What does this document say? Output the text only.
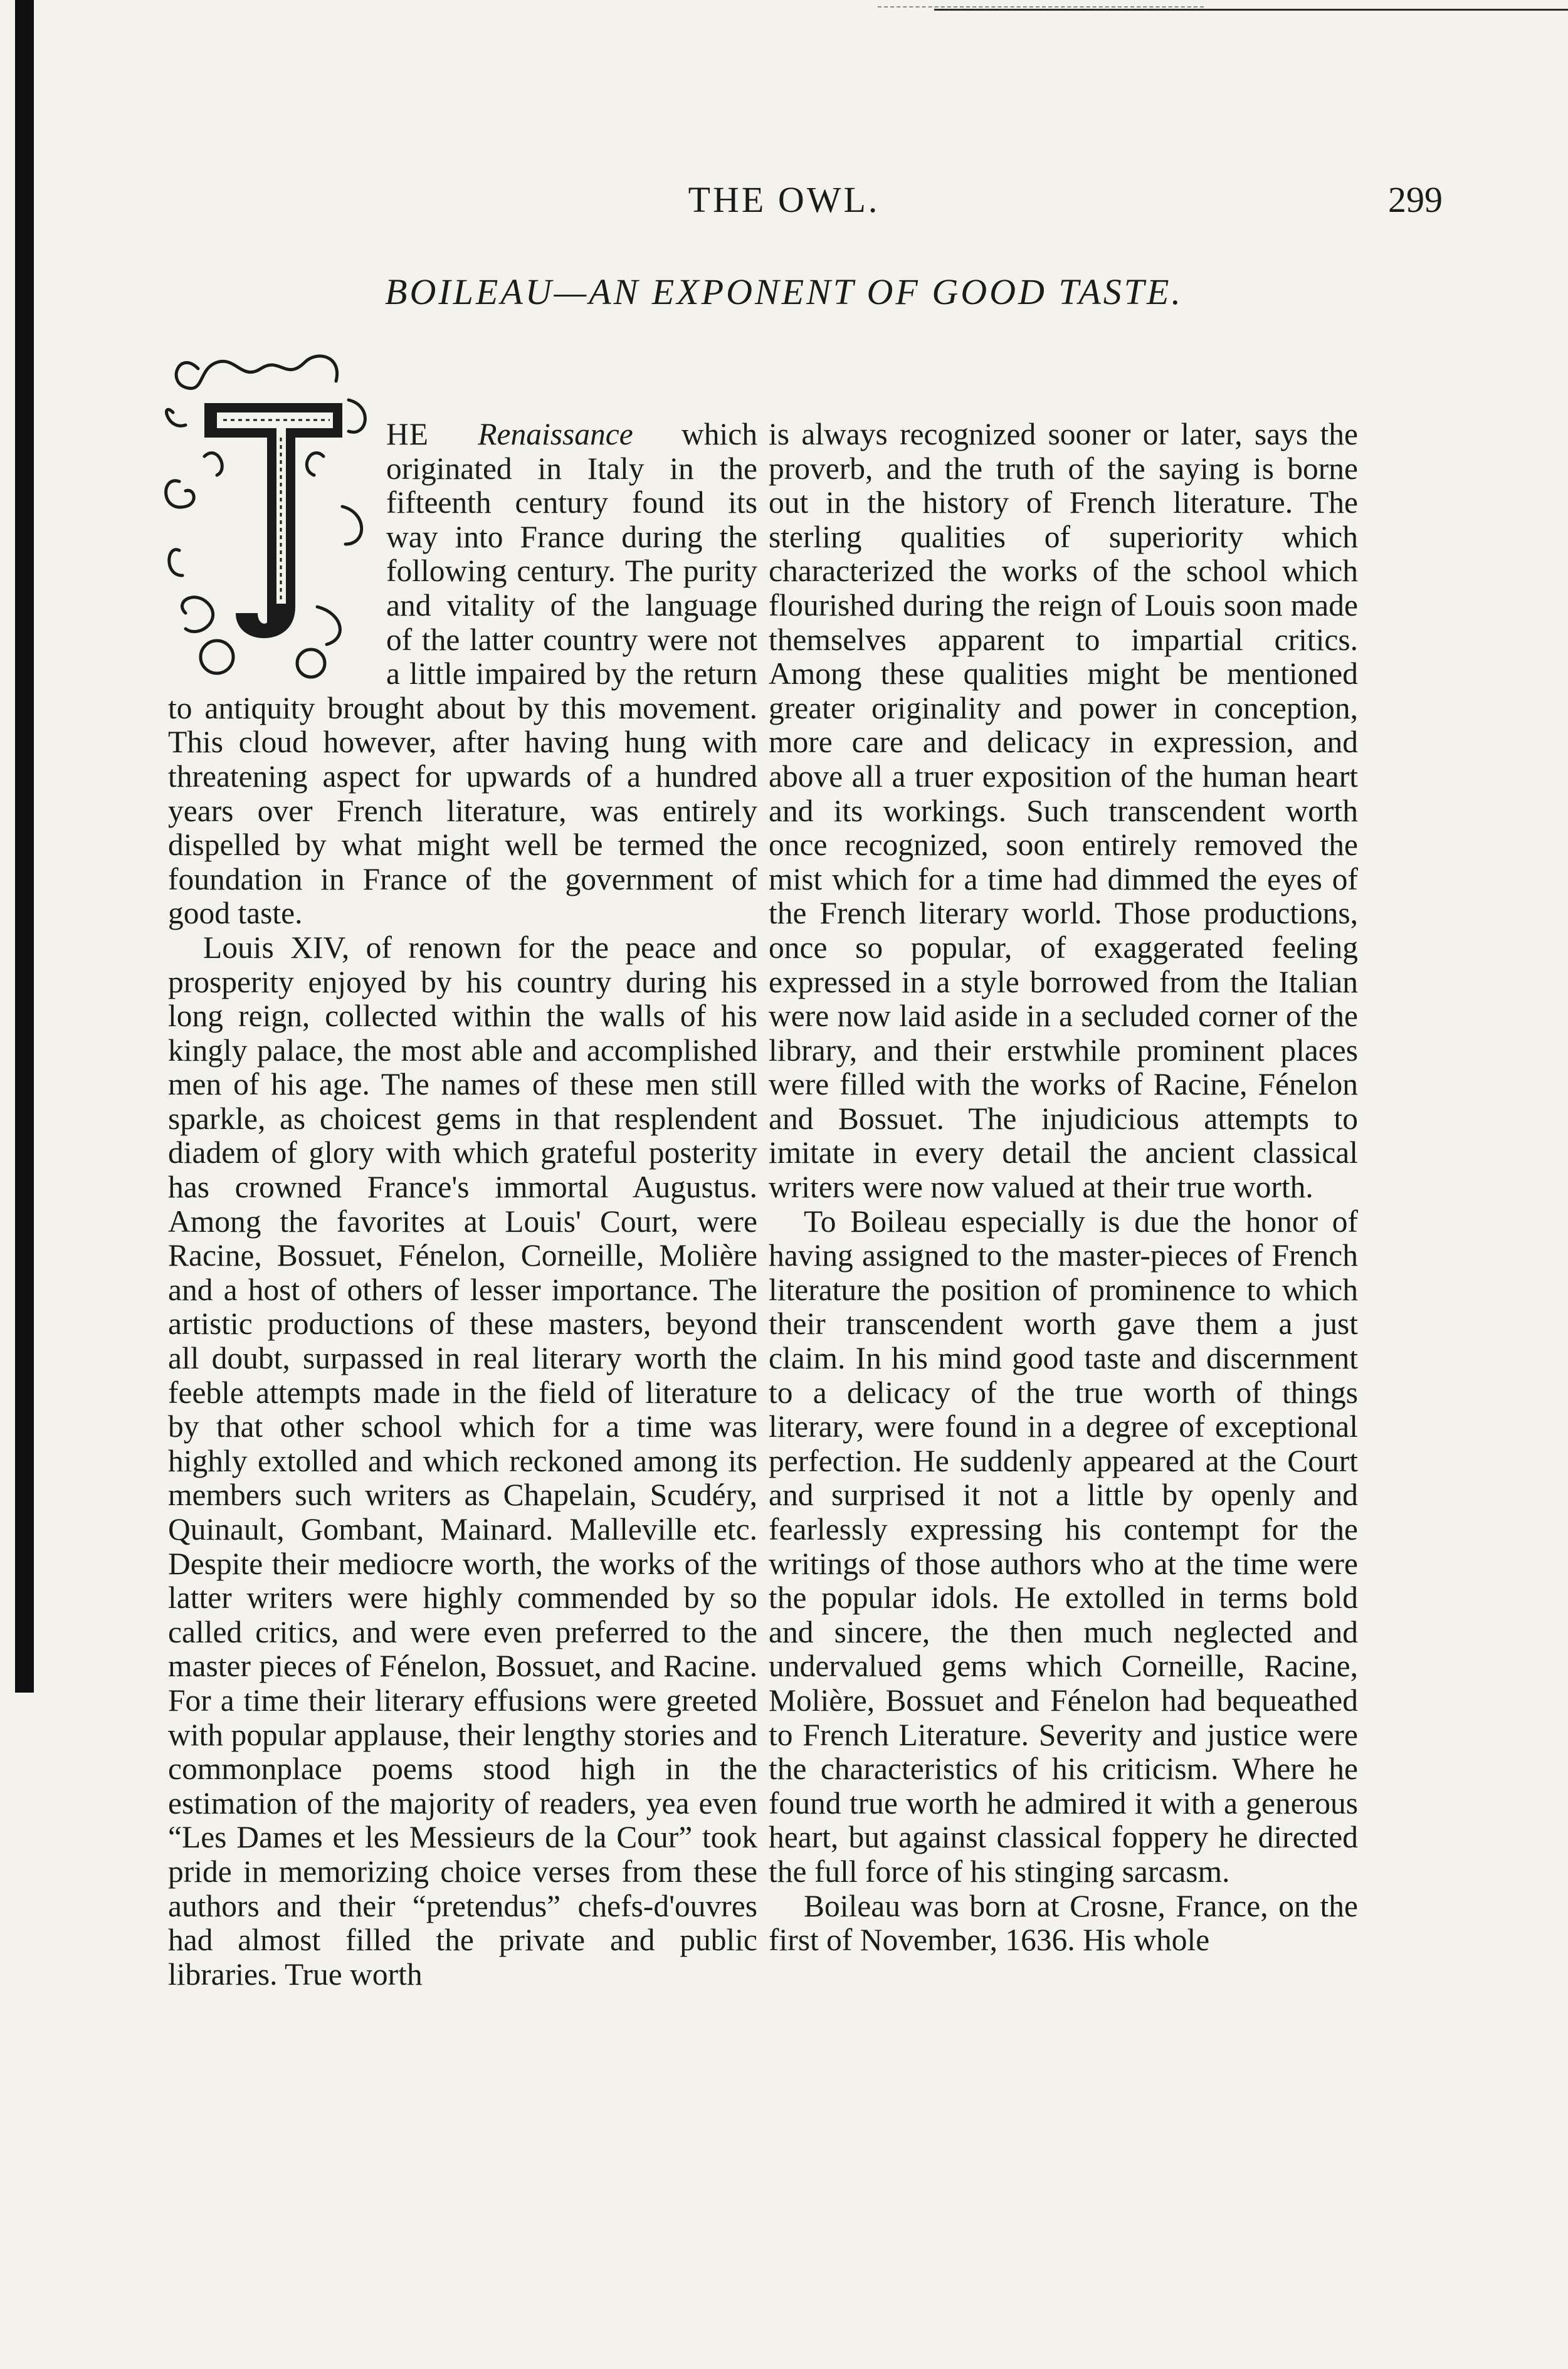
THE OWL.	299
BOILEAU—AN EXPONENT OF GOOD TASTE.

HE Renaissance which originated in Italy in the fifteenth century found its way into France during the following century. The purity and vitality of the language of the latter country were not a little impaired by the return to antiquity brought about by this movement. This cloud however, after having hung with threatening aspect for upwards of a hundred years over French literature, was entirely dispelled by what might well be termed the foundation in France of the government of good taste.

Louis XIV, of renown for the peace and prosperity enjoyed by his country during his long reign, collected within the walls of his kingly palace, the most able and accomplished men of his age. The names of these men still sparkle, as choicest gems in that resplendent diadem of glory with which grateful posterity has crowned France's immortal Augustus. Among the favorites at Louis' Court, were Racine, Bossuet, Fénelon, Corneille, Molière and a host of others of lesser importance. The artistic productions of these masters, beyond all doubt, surpassed in real literary worth the feeble attempts made in the field of literature by that other school which for a time was highly extolled and which reckoned among its members such writers as Chapelain, Scudéry, Quinault, Gombant, Mainard. Malleville etc. Despite their mediocre worth, the works of the latter writers were highly commended by so called critics, and were even preferred to the master pieces of Fénelon, Bossuet, and Racine. For a time their literary effusions were greeted with popular applause, their lengthy stories and commonplace poems stood high in the estimation of the majority of readers, yea even “Les Dames et les Messieurs de la Cour” took pride in memorizing choice verses from these authors and their “pretendus” chefs-d'ouvres had almost filled the private and public libraries. True worth

is always recognized sooner or later, says the proverb, and the truth of the saying is borne out in the history of French literature. The sterling qualities of superiority which characterized the works of the school which flourished during the reign of Louis soon made themselves apparent to impartial critics. Among these qualities might be mentioned greater originality and power in conception, more care and delicacy in expression, and above all a truer exposition of the human heart and its workings. Such transcendent worth once recognized, soon entirely removed the mist which for a time had dimmed the eyes of the French literary world. Those productions, once so popular, of exaggerated feeling expressed in a style borrowed from the Italian were now laid aside in a secluded corner of the library, and their erstwhile prominent places were filled with the works of Racine, Fénelon and Bossuet. The injudicious attempts to imitate in every detail the ancient classical writers were now valued at their true worth.

To Boileau especially is due the honor of having assigned to the master-pieces of French literature the position of prominence to which their transcendent worth gave them a just claim. In his mind good taste and discernment to a delicacy of the true worth of things literary, were found in a degree of exceptional perfection. He suddenly appeared at the Court and surprised it not a little by openly and fearlessly expressing his contempt for the writings of those authors who at the time were the popular idols. He extolled in terms bold and sincere, the then much neglected and undervalued gems which Corneille, Racine, Molière, Bossuet and Fénelon had bequeathed to French Literature. Severity and justice were the characteristics of his criticism. Where he found true worth he admired it with a generous heart, but against classical foppery he directed the full force of his stinging sarcasm.

Boileau was born at Crosne, France, on the first of November, 1636. His whole
